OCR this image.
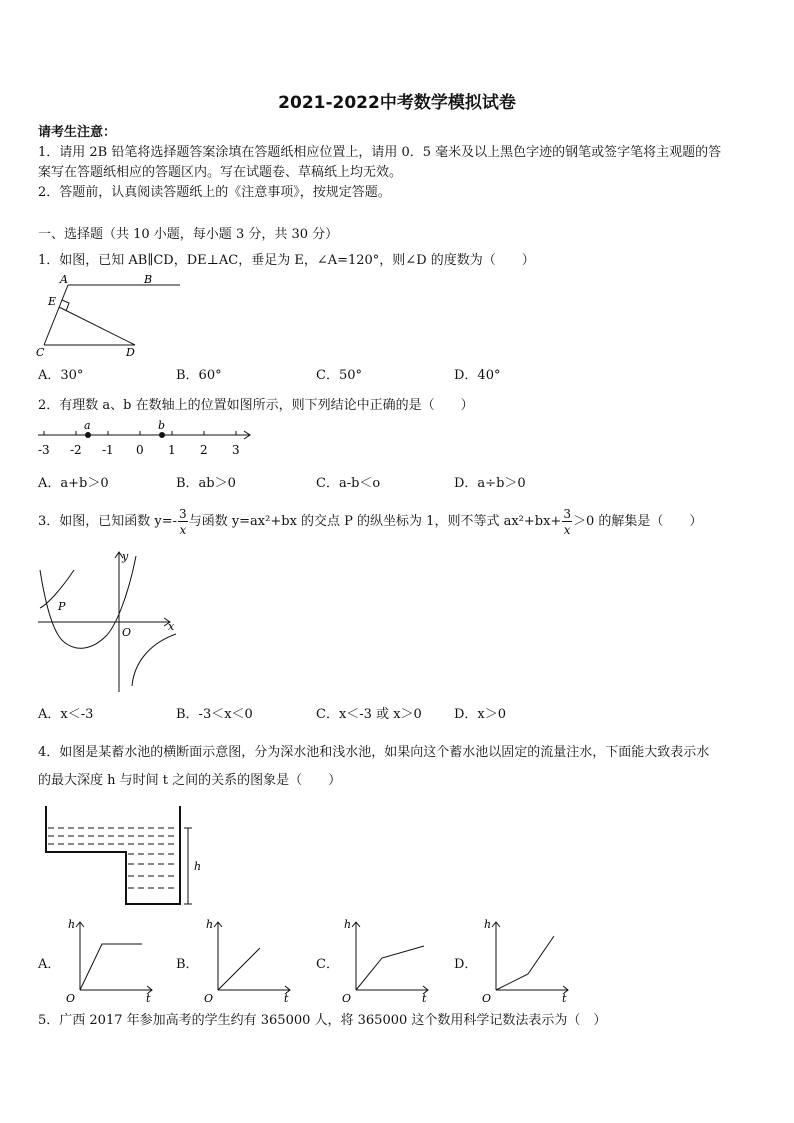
2021-2022中考数学模拟试卷
请考生注意：
1．请用 2B 铅笔将选择题答案涂填在答题纸相应位置上，请用 0．5 毫米及以上黑色字迹的钢笔或签字笔将主观题的答
案写在答题纸相应的答题区内。写在试题卷、草稿纸上均无效。
2．答题前，认真阅读答题纸上的《注意事项》，按规定答题。
一、选择题（共 10 小题，每小题 3 分，共 30 分）
1．如图，已知 AB∥CD，DE⊥AC，垂足为 E，∠A=120°，则∠D 的度数为（　　）
A	B
E
C	D
A．30°	B．60°	C．50°	D．40°
2．有理数 a、b 在数轴上的位置如图所示，则下列结论中正确的是（　　）
a	b
-3 -2 -1 0 1 2 3
A．a+b＞0	B．ab＞0	C．a-b＜o	D．a÷b＞0
3．如图，已知函数 $y=- \frac{3}{x}$ 与函数 y=ax²+bx 的交点 P 的纵坐标为 1，则不等式 $ax^2+bx+ \frac{3}{x} >0$ 的解集是（　　）
y
x
O
P
A．x＜-3	B．-3＜x＜0	C．x＜-3 或 x＞0 D．x＞0
4．如图是某蓄水池的横断面示意图，分为深水池和浅水池，如果向这个蓄水池以固定的流量注水，下面能大致表示水
的最大深度 h 与时间 t 之间的关系的图象是（　　）
h
A．
h
t
O
B．
h
t
O
C．
h
t
O
D．
h
t
O
5．广西 2017 年参加高考的学生约有 365000 人，将 365000 这个数用科学记数法表示为（　）
